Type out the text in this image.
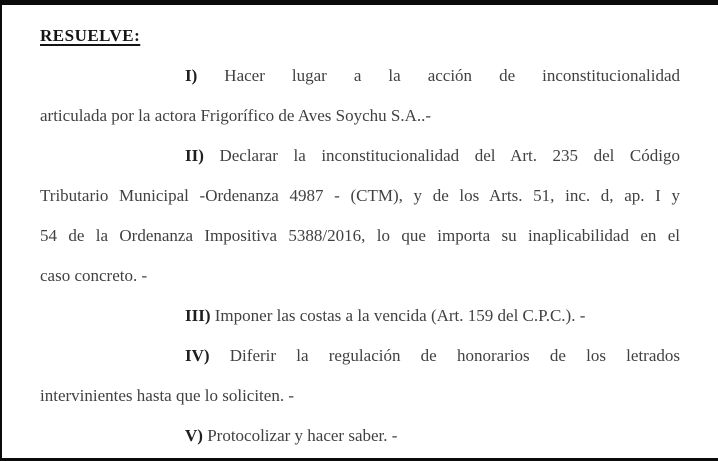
RESUELVE:
I) Hacer lugar a la acción de inconstitucionalidad
articulada por la actora Frigorífico de Aves Soychu S.A..-
II) Declarar la inconstitucionalidad del Art. 235 del Código
Tributario Municipal -Ordenanza 4987 - (CTM), y de los Arts. 51, inc. d, ap. I y
54 de la Ordenanza Impositiva 5388/2016, lo que importa su inaplicabilidad en el
caso concreto. -
III) Imponer las costas a la vencida (Art. 159 del C.P.C.). -
IV) Diferir la regulación de honorarios de los letrados
intervinientes hasta que lo soliciten. -
V) Protocolizar y hacer saber. -
